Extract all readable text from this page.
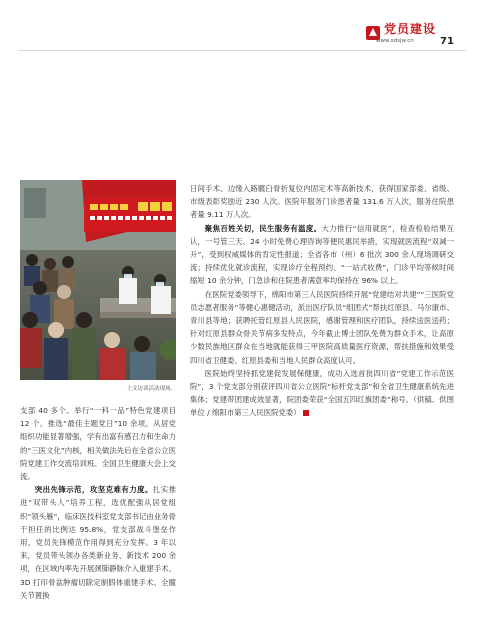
党员建设
www.sdsjw.cn	71
上文访谈活动现场。

支部 40 多个。举行“一科一品”特色党建项目 12 个。推选“最佳主题党日”10 余项。从居党组织功能显著增强，学有出富有感召力和生命力的“三医文化”内核，相关做法先后在全省公立医院党建工作交流培训班、全国卫生健康大会上交流。

突出先锋示范，攻坚克难有力度。扎实推进“双带头人”培养工程，选优配强从居党组织“领头雁”，临床医技科室党支部书记由业务骨干担任的比例达 95.8%，党支部战斗堡垒作用、党员先锋模范作用得到充分发挥。3 年以来，党员带头领办各类新业务、新技术 200 余项，在区域内率先开展颈肺静脉介入重建手术、3D 打印骨盆肿瘤切除定制假体重建手术、全髋关节置换

日间手术、边缘入路髋臼骨折复位内固定术等高新技术，获得国家部委、省级、市级表彰奖励近 230 人次。医院年服务门诊患者量 131.6 万人次，服务住院患者量 9.11 万人次。

聚焦百姓关切，民生服务有温度。大力推行“信用就医”，检查检验结果互认，一号管三天、24 小时免费心理咨询等便民惠民举措，实现就医流程“双减一升”，受到权威媒体的肯定性报道；全省各市（州）6 批次 300 余人现场调研交流；持续优化就诊流程，实现诊疗全程预约、“一站式收费”，门诊平均等候时间缩短 10 余分钟，门急诊和住院患者满意率均保持在 96% 以上。

在医院党委领导下，绵阳市第三人民医院持续开展“党建结对共建”“三医院党员志愿者服务”等健心惠健活动，派出医疗队员“组团式”帮扶红原县、马尔康市、青川县等地；获聘托管红原县人民医院，感谢管理和医疗团队，持续送医送药；针对红原县群众骨关节病多发特点，今年截止博士团队免费为群众手术，让高原少数民族地区群众在当地就能获得三甲医院高质量医疗资源，帮扶措施和效果受四川省卫健委、红原县委和当地人民群众高度认可。

医院始终坚持抓党建促发展保健康，成功入选首批四川省“党建工作示范医院”，3 个党支部分别获评四川省公立医院“标杆党支部”和全省卫生健康系统先进集体；党建带团建成效显著，院团委荣获“全国五四红旗团委”称号。（供稿、供图单位 / 绵阳市第三人民医院党委）
